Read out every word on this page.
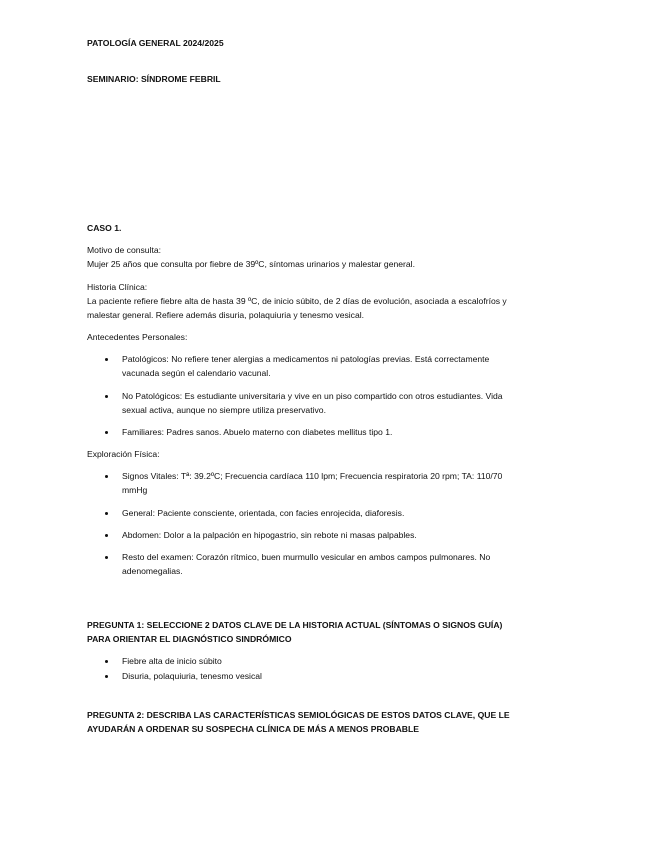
PATOLOGÍA GENERAL 2024/2025

SEMINARIO: SÍNDROME FEBRIL

CASO 1.

Motivo de consulta:

Mujer 25 años que consulta por fiebre de 39ºC, síntomas urinarios y malestar general.

Historia Clínica:

La paciente refiere fiebre alta de hasta 39 ºC, de inicio súbito, de 2 días de evolución, asociada a escalofríos y malestar general. Refiere además disuria, polaquiuria y tenesmo vesical.

Antecedentes Personales:

Patológicos: No refiere tener alergias a medicamentos ni patologías previas. Está correctamente vacunada según el calendario vacunal.
No Patológicos: Es estudiante universitaria y vive en un piso compartido con otros estudiantes. Vida sexual activa, aunque no siempre utiliza preservativo.
Familiares: Padres sanos. Abuelo materno con diabetes mellitus tipo 1.

Exploración Física:

Signos Vitales: Tª: 39.2ºC; Frecuencia cardíaca 110 lpm; Frecuencia respiratoria 20 rpm; TA: 110/70 mmHg
General: Paciente consciente, orientada, con facies enrojecida, diaforesis.
Abdomen: Dolor a la palpación en hipogastrio, sin rebote ni masas palpables.
Resto del examen: Corazón rítmico, buen murmullo vesicular en ambos campos pulmonares. No adenomegalias.

PREGUNTA 1: SELECCIONE 2 DATOS CLAVE DE LA HISTORIA ACTUAL (SÍNTOMAS O SIGNOS GUÍA) PARA ORIENTAR EL DIAGNÓSTICO SINDRÓMICO

Fiebre alta de inicio súbito
Disuria, polaquiuria, tenesmo vesical

PREGUNTA 2: DESCRIBA LAS CARACTERÍSTICAS SEMIOLÓGICAS DE ESTOS DATOS CLAVE, QUE LE AYUDARÁN A ORDENAR SU SOSPECHA CLÍNICA DE MÁS A MENOS PROBABLE
